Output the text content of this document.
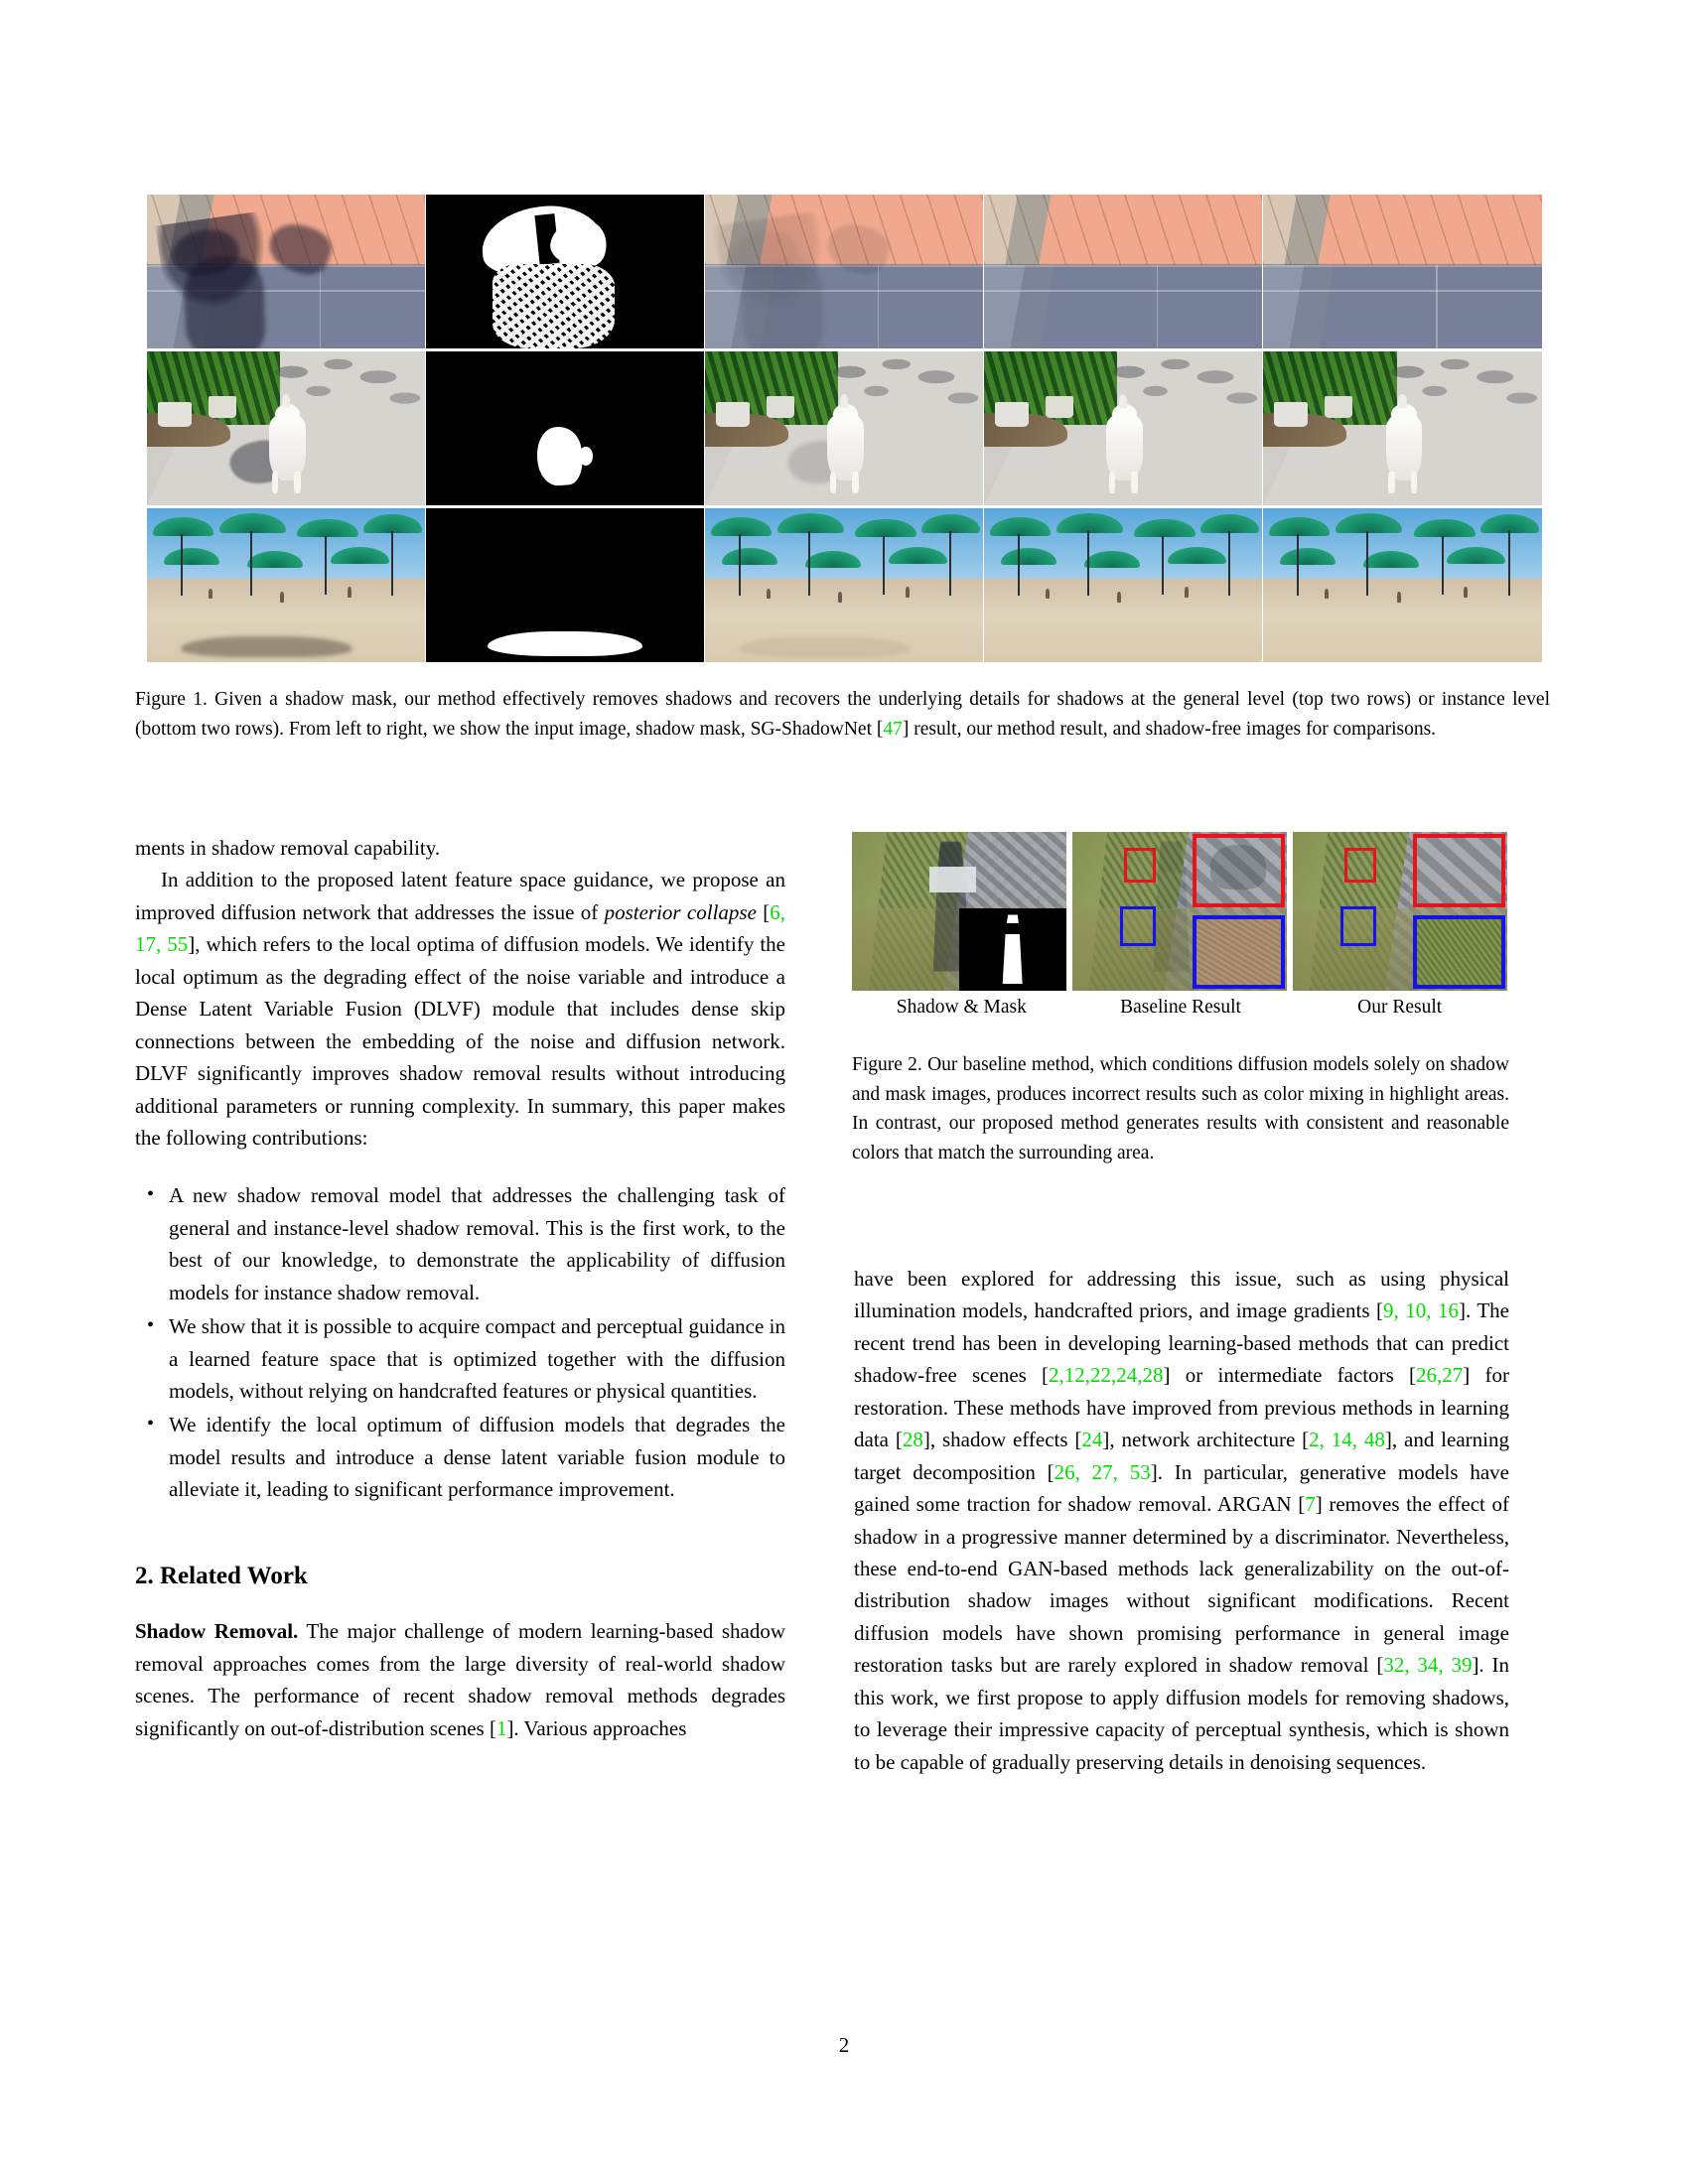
Figure 1. Given a shadow mask, our method effectively removes shadows and recovers the underlying details for shadows at the general level (top two rows) or instance level (bottom two rows). From left to right, we show the input image, shadow mask, SG-ShadowNet [47] result, our method result, and shadow-free images for comparisons.

ments in shadow removal capability.

In addition to the proposed latent feature space guidance, we propose an improved diffusion network that addresses the issue of posterior collapse [6, 17, 55], which refers to the local optima of diffusion models. We identify the local optimum as the degrading effect of the noise variable and introduce a Dense Latent Variable Fusion (DLVF) module that includes dense skip connections between the embedding of the noise and diffusion network. DLVF significantly improves shadow removal results without introducing additional parameters or running complexity. In summary, this paper makes the following contributions:

• A new shadow removal model that addresses the challenging task of general and instance-level shadow removal. This is the first work, to the best of our knowledge, to demonstrate the applicability of diffusion models for instance shadow removal.
• We show that it is possible to acquire compact and perceptual guidance in a learned feature space that is optimized together with the diffusion models, without relying on handcrafted features or physical quantities.
• We identify the local optimum of diffusion models that degrades the model results and introduce a dense latent variable fusion module to alleviate it, leading to significant performance improvement.
2. Related Work

Shadow Removal. The major challenge of modern learning-based shadow removal approaches comes from the large diversity of real-world shadow scenes. The performance of recent shadow removal methods degrades significantly on out-of-distribution scenes [1]. Various approaches

Shadow & Mask	Baseline Result	Our Result
Figure 2. Our baseline method, which conditions diffusion models solely on shadow and mask images, produces incorrect results such as color mixing in highlight areas. In contrast, our proposed method generates results with consistent and reasonable colors that match the surrounding area.

have been explored for addressing this issue, such as using physical illumination models, handcrafted priors, and image gradients [9, 10, 16]. The recent trend has been in developing learning-based methods that can predict shadow-free scenes [2,12,22,24,28] or intermediate factors [26,27] for restoration. These methods have improved from previous methods in learning data [28], shadow effects [24], network architecture [2, 14, 48], and learning target decomposition [26, 27, 53]. In particular, generative models have gained some traction for shadow removal. ARGAN [7] removes the effect of shadow in a progressive manner determined by a discriminator. Nevertheless, these end-to-end GAN-based methods lack generalizability on the out-of-distribution shadow images without significant modifications. Recent diffusion models have shown promising performance in general image restoration tasks but are rarely explored in shadow removal [32, 34, 39]. In this work, we first propose to apply diffusion models for removing shadows, to leverage their impressive capacity of perceptual synthesis, which is shown to be capable of gradually preserving details in denoising sequences.

2
